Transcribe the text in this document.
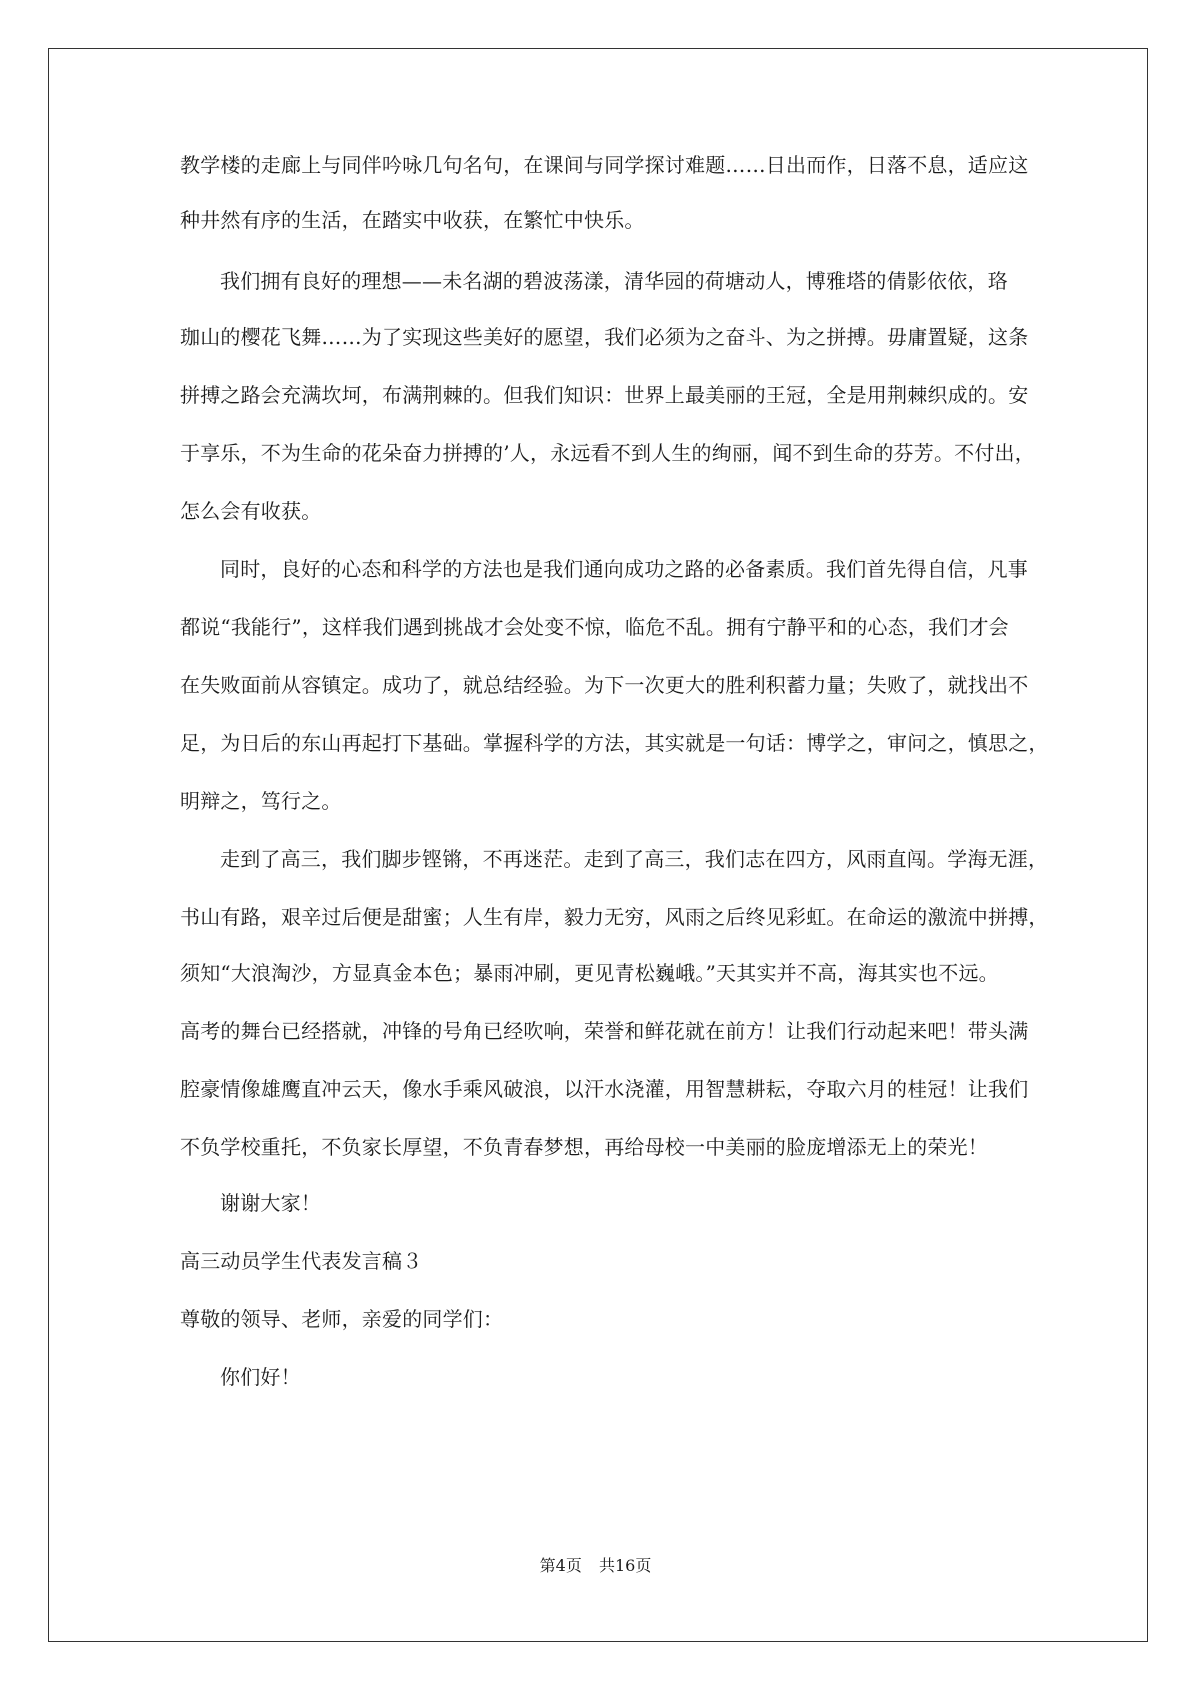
教学楼的走廊上与同伴吟咏几句名句，在课间与同学探讨难题……日出而作，日落不息，适应这
种井然有序的生活，在踏实中收获，在繁忙中快乐。
我们拥有良好的理想——未名湖的碧波荡漾，清华园的荷塘动人，博雅塔的倩影依依，珞
珈山的樱花飞舞……为了实现这些美好的愿望，我们必须为之奋斗、为之拼搏。毋庸置疑，这条
拼搏之路会充满坎坷，布满荆棘的。但我们知识：世界上最美丽的王冠，全是用荆棘织成的。安
于享乐，不为生命的花朵奋力拼搏的’人，永远看不到人生的绚丽，闻不到生命的芬芳。不付出，
怎么会有收获。
同时，良好的心态和科学的方法也是我们通向成功之路的必备素质。我们首先得自信，凡事
都说“我能行”，这样我们遇到挑战才会处变不惊，临危不乱。拥有宁静平和的心态，我们才会
在失败面前从容镇定。成功了，就总结经验。为下一次更大的胜利积蓄力量；失败了，就找出不
足，为日后的东山再起打下基础。掌握科学的方法，其实就是一句话：博学之，审问之，慎思之，
明辩之，笃行之。
走到了高三，我们脚步铿锵，不再迷茫。走到了高三，我们志在四方，风雨直闯。学海无涯，
书山有路，艰辛过后便是甜蜜；人生有岸，毅力无穷，风雨之后终见彩虹。在命运的激流中拼搏，
须知“大浪淘沙，方显真金本色；暴雨冲刷，更见青松巍峨。”天其实并不高，海其实也不远。
高考的舞台已经搭就，冲锋的号角已经吹响，荣誉和鲜花就在前方！让我们行动起来吧！带头满
腔豪情像雄鹰直冲云天，像水手乘风破浪，以汗水浇灌，用智慧耕耘，夺取六月的桂冠！让我们
不负学校重托，不负家长厚望，不负青春梦想，再给母校一中美丽的脸庞增添无上的荣光！
谢谢大家！
高三动员学生代表发言稿３
尊敬的领导、老师，亲爱的同学们：
你们好！
第4页 共16页
